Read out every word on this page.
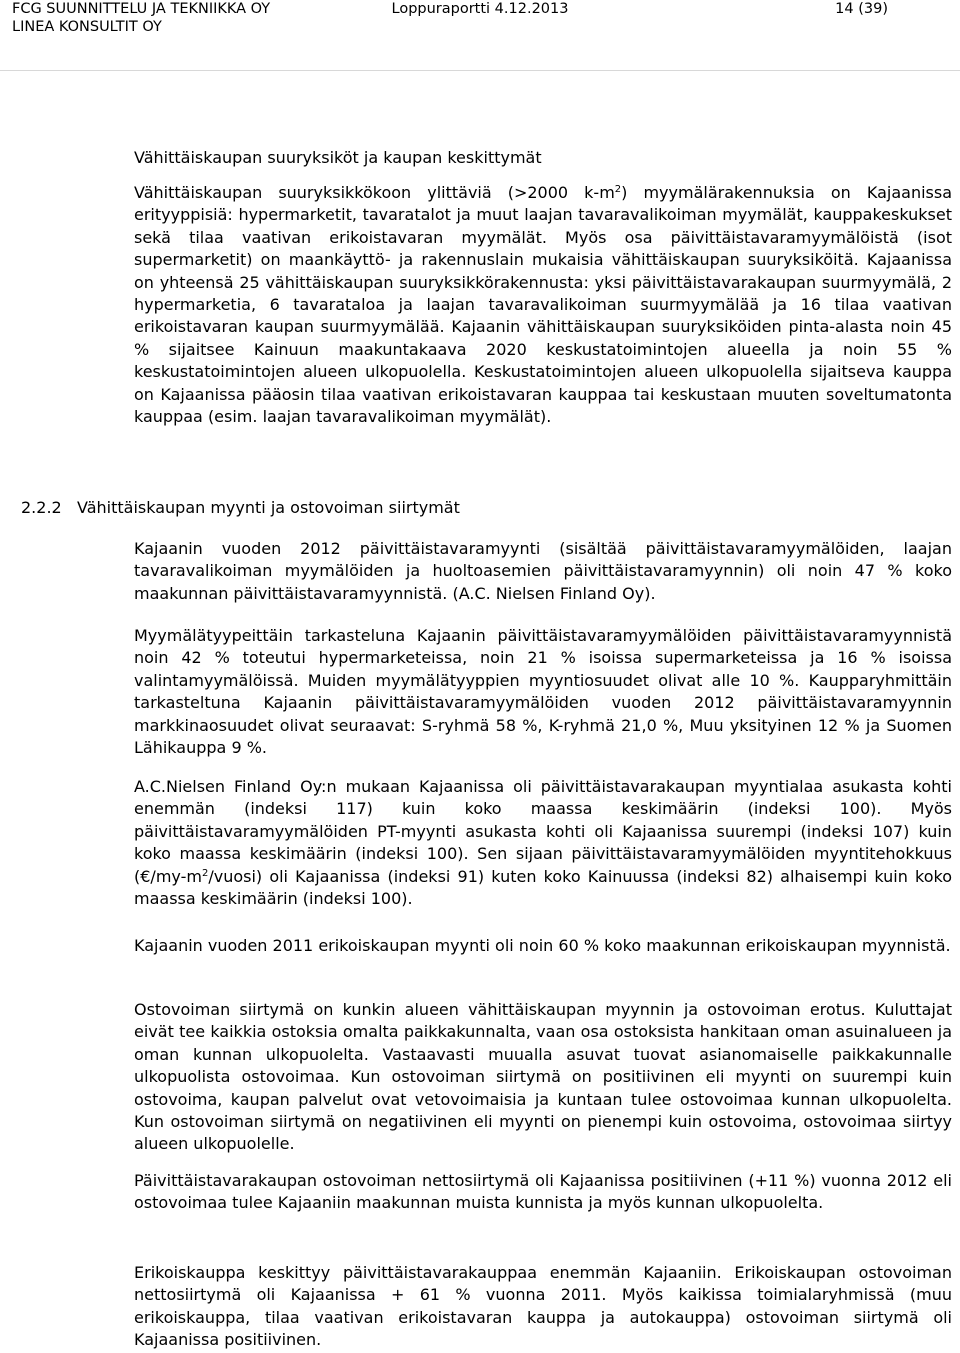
FCG SUUNNITTELU JA TEKNIIKKA OY
LINEA KONSULTIT OY
Loppuraportti 4.12.2013	14 (39)
Vähittäiskaupan suuryksiköt ja kaupan keskittymät

Vähittäiskaupan suuryksikkökoon ylittäviä (>2000 $k-m^2$) myymälärakennuksia on Kajaanissa erityyppisiä: hypermarketit, tavaratalot ja muut laajan tavaravalikoiman myymälät, kauppakeskukset sekä tilaa vaativan erikoistavaran myymälät. Myös osa päivittäistavaramyymälöistä (isot supermarketit) on maankäyttö- ja rakennuslain mukaisia vähittäiskaupan suuryksiköitä. Kajaanissa on yhteensä 25 vähittäiskaupan suuryksikkörakennusta: yksi päivittäistavarakaupan suurmyymälä, 2 hypermarketia, 6 tavarataloa ja laajan tavaravalikoiman suurmyymälää ja 16 tilaa vaativan erikoistavaran kaupan suurmyymälää. Kajaanin vähittäiskaupan suuryksiköiden pinta-alasta noin 45 % sijaitsee Kainuun maakuntakaava 2020 keskustatoimintojen alueella ja noin 55 % keskustatoimintojen alueen ulkopuolella. Keskustatoimintojen alueen ulkopuolella sijaitseva kauppa on Kajaanissa pääosin tilaa vaativan erikoistavaran kauppaa tai keskustaan muuten soveltumatonta kauppaa (esim. laajan tavaravalikoiman myymälät).

2.2.2 Vähittäiskaupan myynti ja ostovoiman siirtymät

Kajaanin vuoden 2012 päivittäistavaramyynti (sisältää päivittäistavaramyymälöiden, laajan tavaravalikoiman myymälöiden ja huoltoasemien päivittäistavaramyynnin) oli noin 47 % koko maakunnan päivittäistavaramyynnistä. (A.C. Nielsen Finland Oy).

Myymälätyypeittäin tarkasteluna Kajaanin päivittäistavaramyymälöiden päivittäistavaramyynnistä noin 42 % toteutui hypermarketeissa, noin 21 % isoissa supermarketeissa ja 16 % isoissa valintamyymälöissä. Muiden myymälätyyppien myyntiosuudet olivat alle 10 %. Kaupparyhmittäin tarkasteltuna Kajaanin päivittäistavaramyymälöiden vuoden 2012 päivittäistavaramyynnin markkinaosuudet olivat seuraavat: S-ryhmä 58 %, K-ryhmä 21,0 %, Muu yksityinen 12 % ja Suomen Lähikauppa 9 %.

A.C.Nielsen Finland Oy:n mukaan Kajaanissa oli päivittäistavarakaupan myyntialaa asukasta kohti enemmän (indeksi 117) kuin koko maassa keskimäärin (indeksi 100). Myös päivittäistavaramyymälöiden PT-myynti asukasta kohti oli Kajaanissa suurempi (indeksi 107) kuin koko maassa keskimäärin (indeksi 100). Sen sijaan päivittäistavaramyymälöiden myyntitehokkuus $(€/my-m^2/vuosi)$ oli Kajaanissa (indeksi 91) kuten koko Kainuussa (indeksi 82) alhaisempi kuin koko maassa keskimäärin (indeksi 100).

Kajaanin vuoden 2011 erikoiskaupan myynti oli noin 60 % koko maakunnan erikoiskaupan myynnistä.

Ostovoiman siirtymä on kunkin alueen vähittäiskaupan myynnin ja ostovoiman erotus. Kuluttajat eivät tee kaikkia ostoksia omalta paikkakunnalta, vaan osa ostoksista hankitaan oman asuinalueen ja oman kunnan ulkopuolelta. Vastaavasti muualla asuvat tuovat asianomaiselle paikkakunnalle ulkopuolista ostovoimaa. Kun ostovoiman siirtymä on positiivinen eli myynti on suurempi kuin ostovoima, kaupan palvelut ovat vetovoimaisia ja kuntaan tulee ostovoimaa kunnan ulkopuolelta. Kun ostovoiman siirtymä on negatiivinen eli myynti on pienempi kuin ostovoima, ostovoimaa siirtyy alueen ulkopuolelle.

Päivittäistavarakaupan ostovoiman nettosiirtymä oli Kajaanissa positiivinen (+11 %) vuonna 2012 eli ostovoimaa tulee Kajaaniin maakunnan muista kunnista ja myös kunnan ulkopuolelta.

Erikoiskauppa keskittyy päivittäistavarakauppaa enemmän Kajaaniin. Erikoiskaupan ostovoiman nettosiirtymä oli Kajaanissa + 61 % vuonna 2011. Myös kaikissa toimialaryhmissä (muu erikoiskauppa, tilaa vaativan erikoistavaran kauppa ja autokauppa) ostovoiman siirtymä oli Kajaanissa positiivinen.
